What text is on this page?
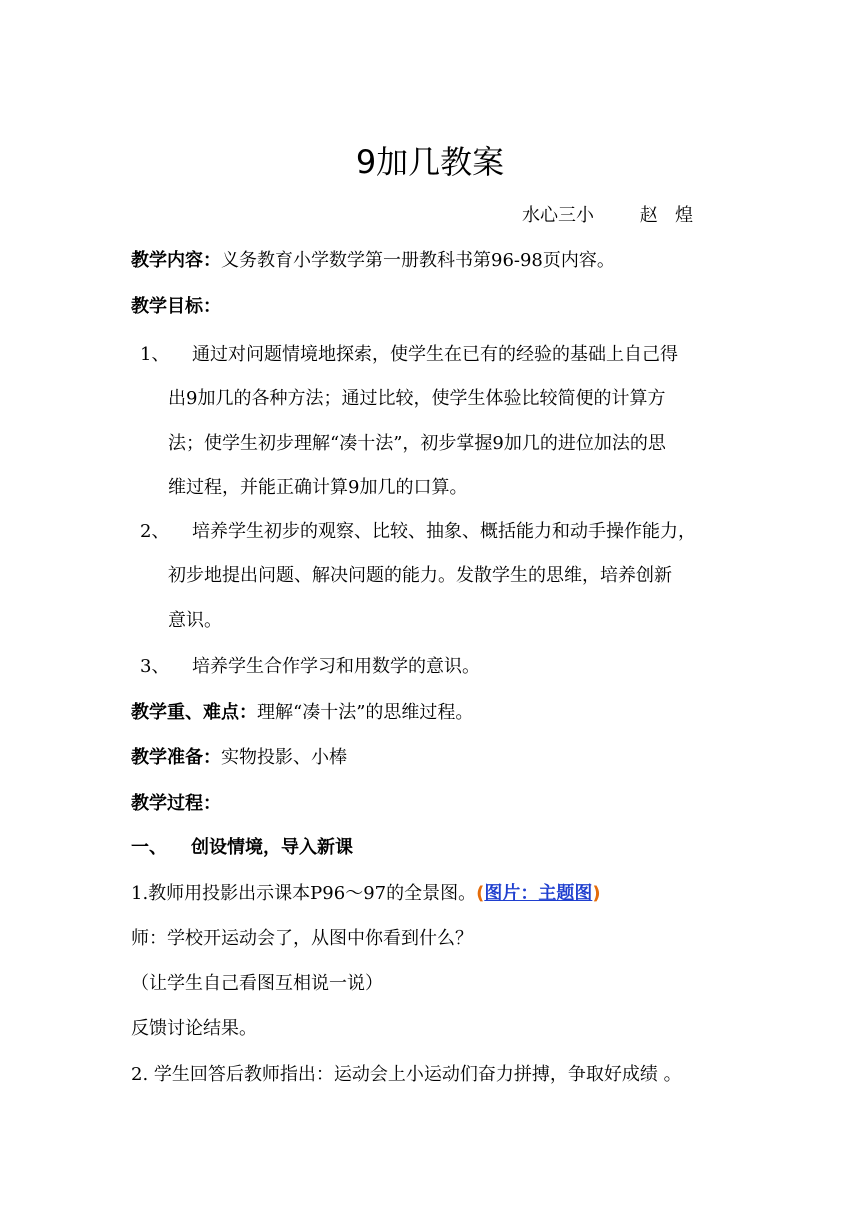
9加几教案
水心三小        赵   煌
教学内容：义务教育小学数学第一册教科书第96-98页内容。
教学目标：
1、 通过对问题情境地探索，使学生在已有的经验的基础上自己得
出9加几的各种方法；通过比较，使学生体验比较简便的计算方
法；使学生初步理解“凑十法”，初步掌握9加几的进位加法的思
维过程，并能正确计算9加几的口算。
2、 培养学生初步的观察、比较、抽象、概括能力和动手操作能力，
初步地提出问题、解决问题的能力。发散学生的思维，培养创新
意识。
3、 培养学生合作学习和用数学的意识。
教学重、难点：理解“凑十法”的思维过程。
教学准备：实物投影、小棒
教学过程：
一、 创设情境，导入新课
1.教师用投影出示课本P96～97的全景图。(图片：主题图)
师：学校开运动会了，从图中你看到什么？
（让学生自己看图互相说一说）
反馈讨论结果。
2. 学生回答后教师指出：运动会上小运动们奋力拼搏，争取好成绩 。
